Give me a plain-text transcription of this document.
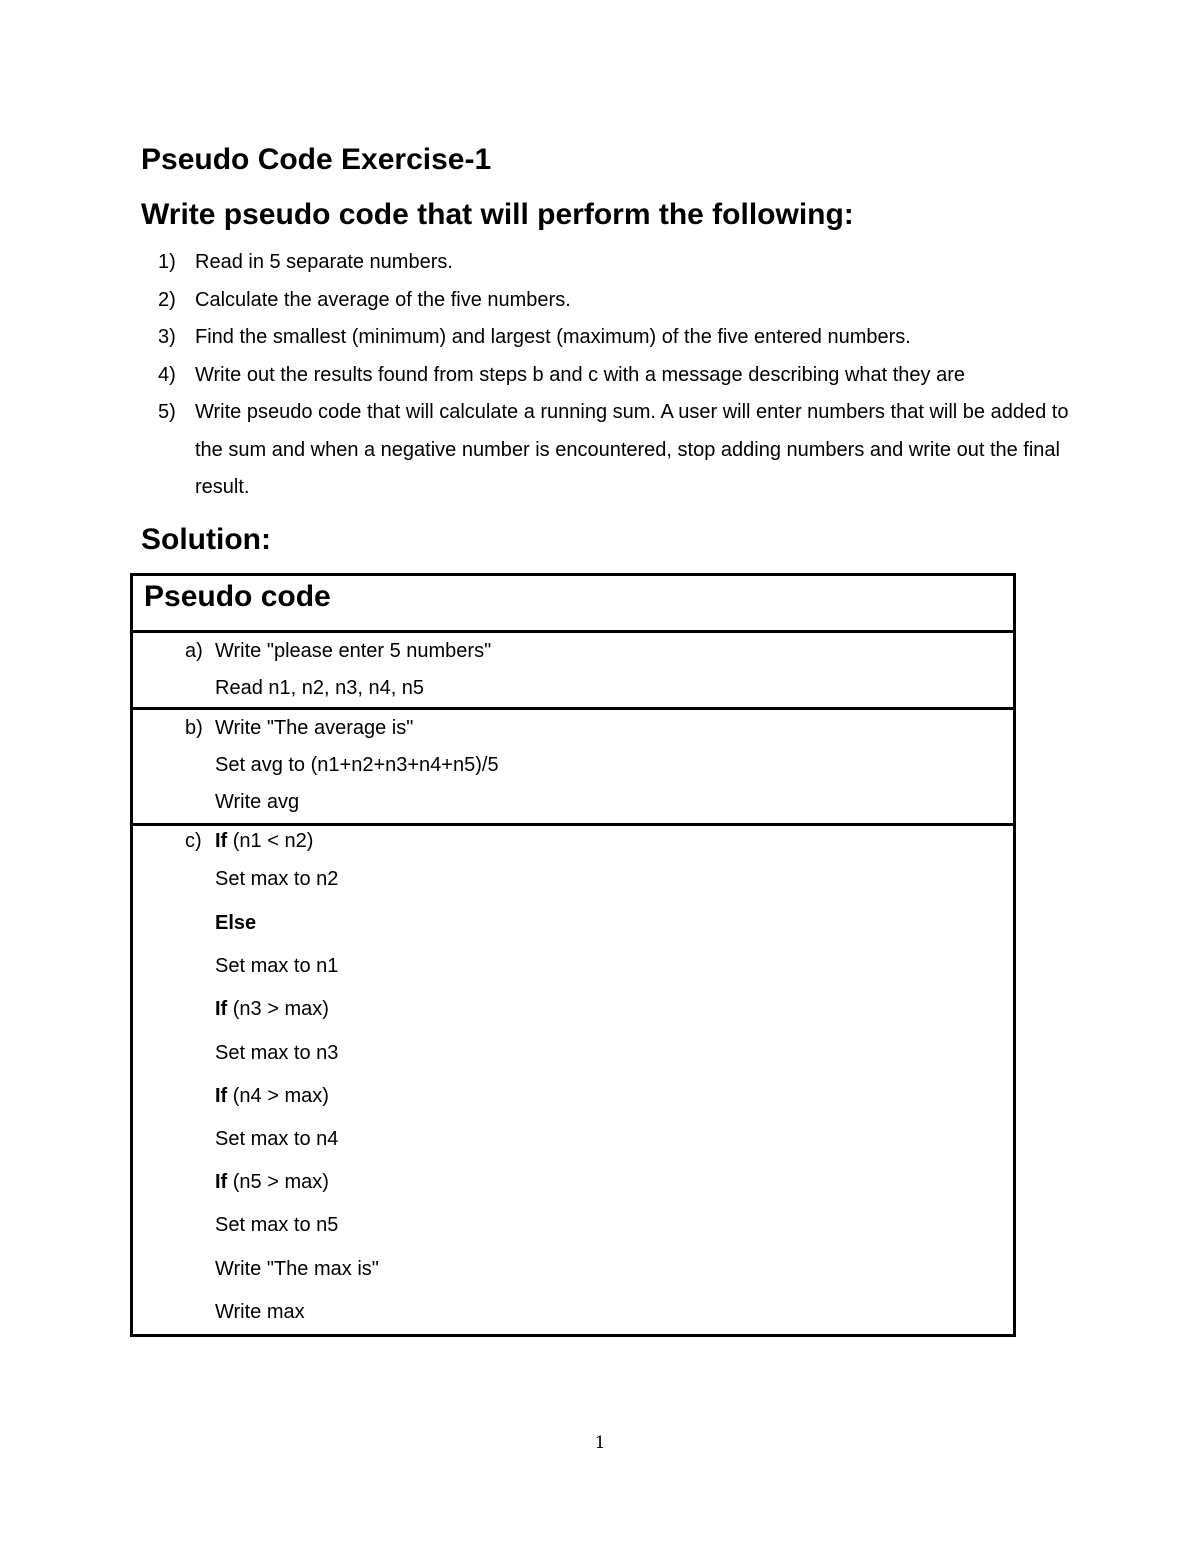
Pseudo Code Exercise-1
Write pseudo code that will perform the following:
1) Read in 5 separate numbers.
2) Calculate the average of the five numbers.
3) Find the smallest (minimum) and largest (maximum) of the five entered numbers.
4) Write out the results found from steps b and c with a message describing what they are
5) Write pseudo code that will calculate a running sum. A user will enter numbers that will be added to the sum and when a negative number is encountered, stop adding numbers and write out the final result.
Solution:
Pseudo code
a) Write "please enter 5 numbers"
Read n1, n2, n3, n4, n5
b) Write "The average is"
Set avg to (n1+n2+n3+n4+n5)/5
Write avg
c) If (n1 < n2)
Set max to n2
Else
Set max to n1
If (n3 > max)
Set max to n3
If (n4 > max)
Set max to n4
If (n5 > max)
Set max to n5
Write "The max is"
Write max
1
